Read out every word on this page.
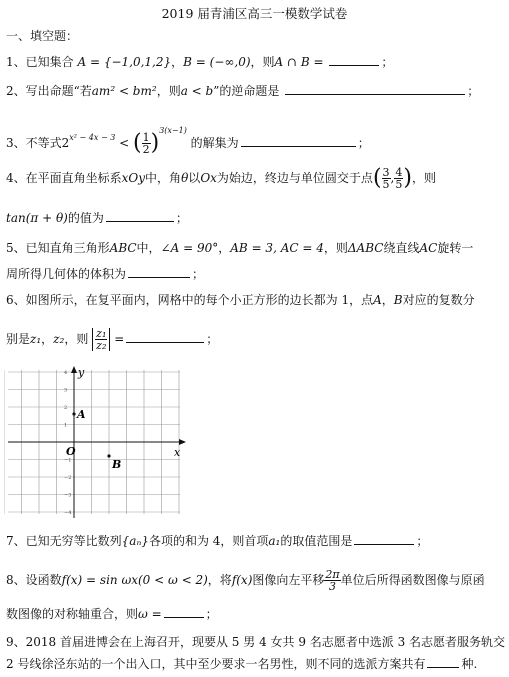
2019 届青浦区高三一模数学试卷
一、填空题：
1、已知集合 A = {−1,0,1,2}，B = (−∞,0)，则A ∩ B =	；
2、写出命题“若am² < bm²，则a < b”的逆命题是	；
3、不等式$2^{x^2 - 4x - 3}$ < ( $\frac{1}{2} )^{3(x-1)}$ 的解集为	；
4、在平面直角坐标系xOy中，角θ以Ox为始边，终边与单位圆交于点( $\frac{3}{5}$ , $\frac{4}{5}$ )，则
tan(π + θ)的值为	；
5、已知直角三角形ABC中，∠A = 90°，AB = 3, AC = 4，则ΔABC绕直线AC旋转一
周所得几何体的体积为	；
6、如图所示，在复平面内，网格中的每个小正方形的边长都为 1，点A，B对应的复数分
别是z₁，z₂，则 $\frac{\text{z₁}}{\text{z₂}}$ =	；
x
y
O
4
3
2
1
−1
−2
−3
−4
A
B
7、已知无穷等比数列{aₙ}各项的和为 4，则首项a₁的取值范围是	；
8、设函数f(x) = sin ωx(0 < ω < 2)，将f(x)图像向左平移 $\frac{2\pi}{3}$ 单位后所得函数图像与原函
数图像的对称轴重合，则ω =	；
9、2018 首届进博会在上海召开，现要从 5 男 4 女共 9 名志愿者中选派 3 名志愿者服务轨交
2 号线徐泾东站的一个出入口，其中至少要求一名男性，则不同的选派方案共有	种.
